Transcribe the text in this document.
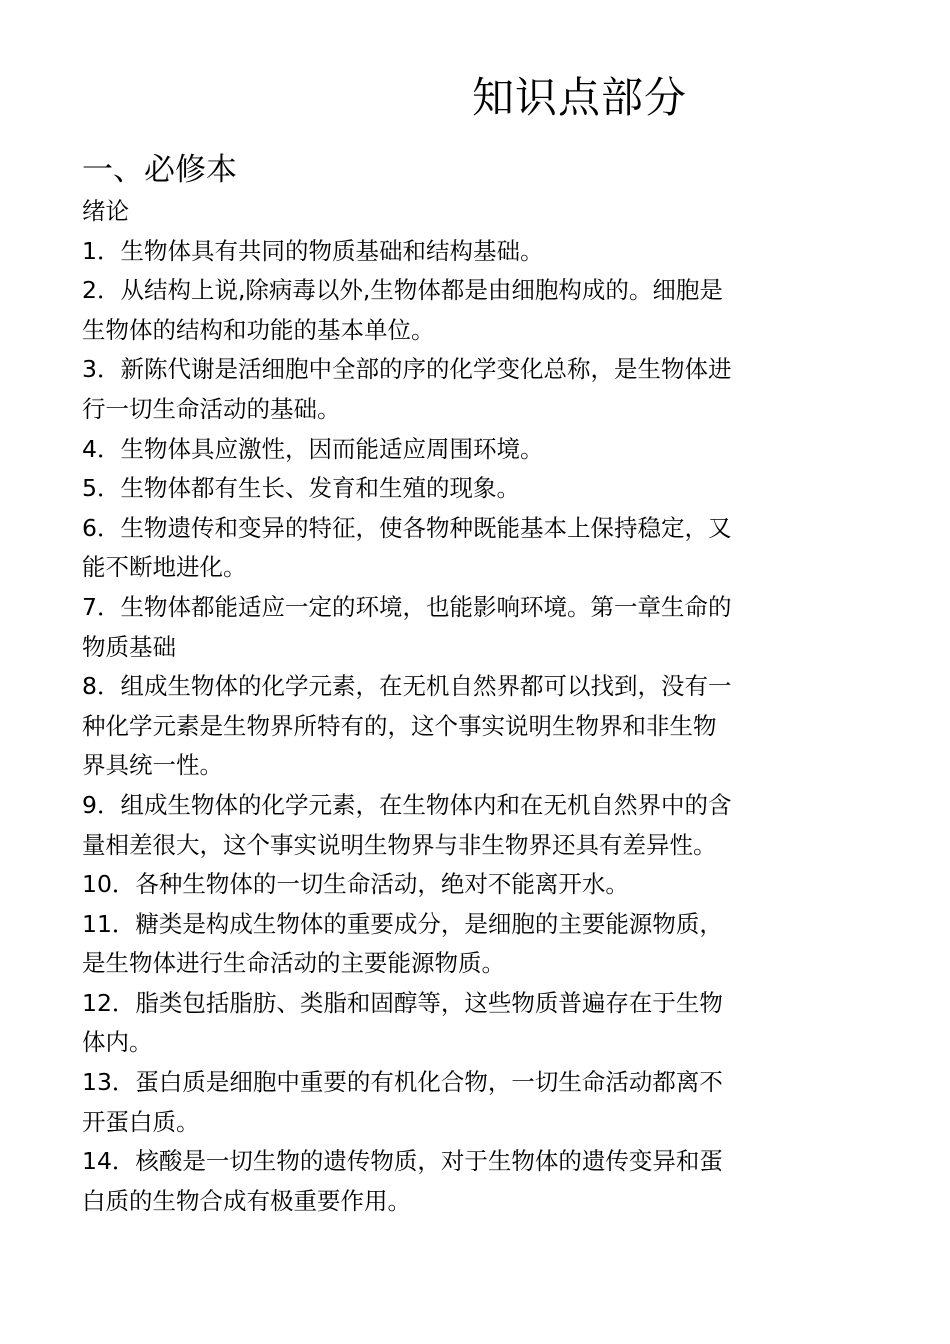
知识点部分
一、必修本
绪论
1．生物体具有共同的物质基础和结构基础。
2．从结构上说,除病毒以外,生物体都是由细胞构成的。细胞是
生物体的结构和功能的基本单位。
3．新陈代谢是活细胞中全部的序的化学变化总称，是生物体进
行一切生命活动的基础。
4．生物体具应激性，因而能适应周围环境。
5．生物体都有生长、发育和生殖的现象。
6．生物遗传和变异的特征，使各物种既能基本上保持稳定，又
能不断地进化。
7．生物体都能适应一定的环境，也能影响环境。第一章生命的
物质基础
8．组成生物体的化学元素，在无机自然界都可以找到，没有一
种化学元素是生物界所特有的，这个事实说明生物界和非生物
界具统一性。
9．组成生物体的化学元素，在生物体内和在无机自然界中的含
量相差很大，这个事实说明生物界与非生物界还具有差异性。
10．各种生物体的一切生命活动，绝对不能离开水。
11．糖类是构成生物体的重要成分，是细胞的主要能源物质，
是生物体进行生命活动的主要能源物质。
12．脂类包括脂肪、类脂和固醇等，这些物质普遍存在于生物
体内。
13．蛋白质是细胞中重要的有机化合物，一切生命活动都离不
开蛋白质。
14．核酸是一切生物的遗传物质，对于生物体的遗传变异和蛋
白质的生物合成有极重要作用。
